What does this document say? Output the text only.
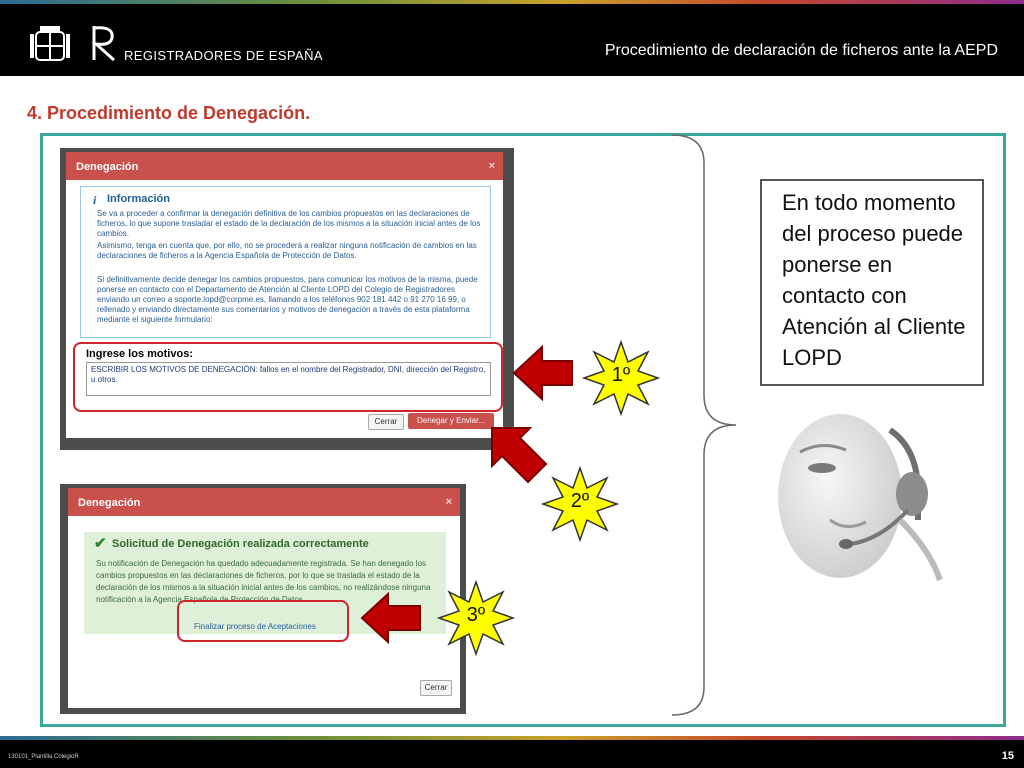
REGISTRADORES DE ESPAÑA	Procedimiento de declaración de ficheros ante la AEPD
4. Procedimiento de Denegación.
Denegación	×
i Información
Se va a proceder a confirmar la denegación definitiva de los cambios propuestos en las declaraciones de ficheros, lo que supone trasladar el estado de la declaración de los mismos a la situación inicial antes de los cambios.
Asimismo, tenga en cuenta que, por ello, no se procederá a realizar ninguna notificación de cambios en las declaraciones de ficheros a la Agencia Española de Protección de Datos.
Si definitivamente decide denegar los cambios propuestos, para comunicar los motivos de la misma, puede ponerse en contacto con el Departamento de Atención al Cliente LOPD del Colegio de Registradores enviando un correo a soporte.lopd@corpme.es, llamando a los teléfonos 902 181 442 o 91 270 16 99, o rellenado y enviando directamente sus comentarios y motivos de denegación a través de esta plataforma mediante el siguiente formulario:
Ingrese los motivos:
ESCRIBIR LOS MOTIVOS DE DENEGACIÓN: fallos en el nombre del Registrador, DNI, dirección del Registro, u otros.
Cerrar	Denegar y Enviar...
Denegación	×
✔ Solicitud de Denegación realizada correctamente
Su notificación de Denegación ha quedado adecuadamente registrada. Se han denegado los cambios propuestos en las declaraciones de ficheros, por lo que se traslada el estado de la declaración de los mismos a la situación inicial antes de los cambios, no realizándose ninguna notificación a la Agencia Española de Protección de Datos.
Finalizar proceso de Aceptaciones
Cerrar
1º
2º
3º
En todo momento del proceso puede ponerse en contacto con Atención al Cliente LOPD
130101_Plantilla ColegioR	15
